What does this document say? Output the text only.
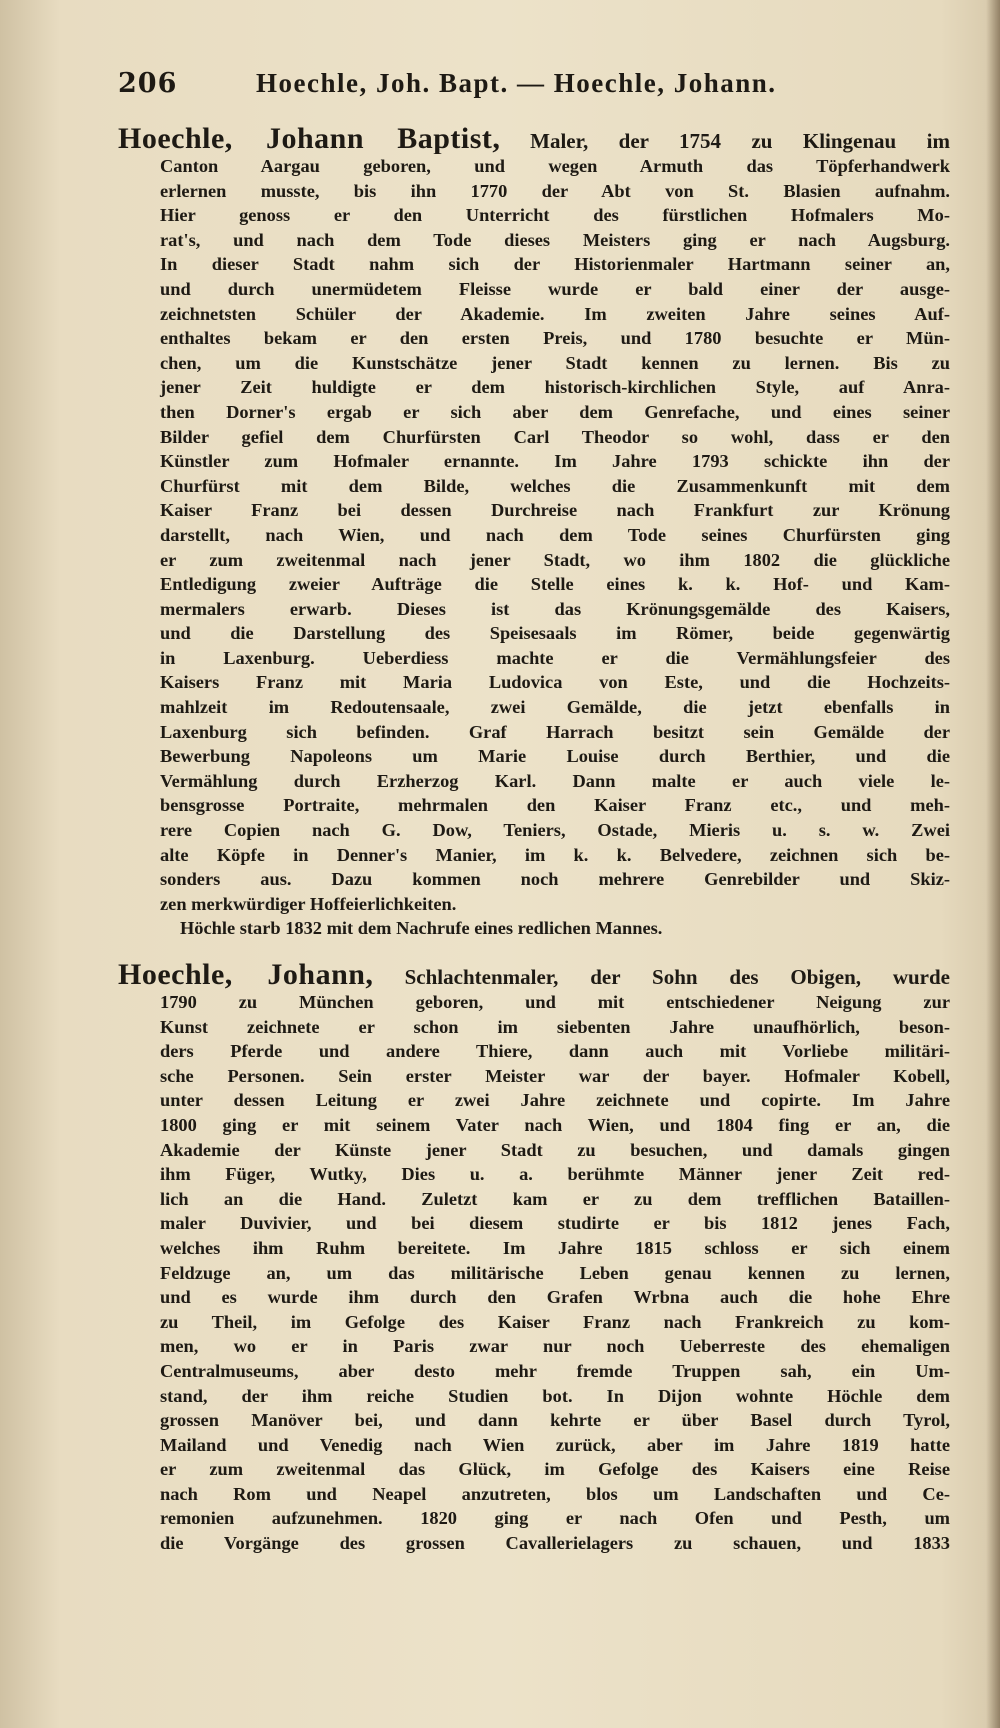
206	Hoechle, Joh. Bapt. — Hoechle, Johann.
Hoechle, Johann Baptist, Maler, der 1754 zu Klingenau im
Canton Aargau geboren, und wegen Armuth das Töpferhandwerk
erlernen musste, bis ihn 1770 der Abt von St. Blasien aufnahm.
Hier genoss er den Unterricht des fürstlichen Hofmalers Mo-
rat's, und nach dem Tode dieses Meisters ging er nach Augsburg.
In dieser Stadt nahm sich der Historienmaler Hartmann seiner an,
und durch unermüdetem Fleisse wurde er bald einer der ausge-
zeichnetsten Schüler der Akademie. Im zweiten Jahre seines Auf-
enthaltes bekam er den ersten Preis, und 1780 besuchte er Mün-
chen, um die Kunstschätze jener Stadt kennen zu lernen. Bis zu
jener Zeit huldigte er dem historisch-kirchlichen Style, auf Anra-
then Dorner's ergab er sich aber dem Genrefache, und eines seiner
Bilder gefiel dem Churfürsten Carl Theodor so wohl, dass er den
Künstler zum Hofmaler ernannte. Im Jahre 1793 schickte ihn der
Churfürst mit dem Bilde, welches die Zusammenkunft mit dem
Kaiser Franz bei dessen Durchreise nach Frankfurt zur Krönung
darstellt, nach Wien, und nach dem Tode seines Churfürsten ging
er zum zweitenmal nach jener Stadt, wo ihm 1802 die glückliche
Entledigung zweier Aufträge die Stelle eines k. k. Hof- und Kam-
mermalers erwarb. Dieses ist das Krönungsgemälde des Kaisers,
und die Darstellung des Speisesaals im Römer, beide gegenwärtig
in Laxenburg. Ueberdiess machte er die Vermählungsfeier des
Kaisers Franz mit Maria Ludovica von Este, und die Hochzeits-
mahlzeit im Redoutensaale, zwei Gemälde, die jetzt ebenfalls in
Laxenburg sich befinden. Graf Harrach besitzt sein Gemälde der
Bewerbung Napoleons um Marie Louise durch Berthier, und die
Vermählung durch Erzherzog Karl. Dann malte er auch viele le-
bensgrosse Portraite, mehrmalen den Kaiser Franz etc., und meh-
rere Copien nach G. Dow, Teniers, Ostade, Mieris u. s. w. Zwei
alte Köpfe in Denner's Manier, im k. k. Belvedere, zeichnen sich be-
sonders aus. Dazu kommen noch mehrere Genrebilder und Skiz-
zen merkwürdiger Hoffeierlichkeiten.
Höchle starb 1832 mit dem Nachrufe eines redlichen Mannes.
Hoechle, Johann, Schlachtenmaler, der Sohn des Obigen, wurde
1790 zu München geboren, und mit entschiedener Neigung zur
Kunst zeichnete er schon im siebenten Jahre unaufhörlich, beson-
ders Pferde und andere Thiere, dann auch mit Vorliebe militäri-
sche Personen. Sein erster Meister war der bayer. Hofmaler Kobell,
unter dessen Leitung er zwei Jahre zeichnete und copirte. Im Jahre
1800 ging er mit seinem Vater nach Wien, und 1804 fing er an, die
Akademie der Künste jener Stadt zu besuchen, und damals gingen
ihm Füger, Wutky, Dies u. a. berühmte Männer jener Zeit red-
lich an die Hand. Zuletzt kam er zu dem trefflichen Bataillen-
maler Duvivier, und bei diesem studirte er bis 1812 jenes Fach,
welches ihm Ruhm bereitete. Im Jahre 1815 schloss er sich einem
Feldzuge an, um das militärische Leben genau kennen zu lernen,
und es wurde ihm durch den Grafen Wrbna auch die hohe Ehre
zu Theil, im Gefolge des Kaiser Franz nach Frankreich zu kom-
men, wo er in Paris zwar nur noch Ueberreste des ehemaligen
Centralmuseums, aber desto mehr fremde Truppen sah, ein Um-
stand, der ihm reiche Studien bot. In Dijon wohnte Höchle dem
grossen Manöver bei, und dann kehrte er über Basel durch Tyrol,
Mailand und Venedig nach Wien zurück, aber im Jahre 1819 hatte
er zum zweitenmal das Glück, im Gefolge des Kaisers eine Reise
nach Rom und Neapel anzutreten, blos um Landschaften und Ce-
remonien aufzunehmen. 1820 ging er nach Ofen und Pesth, um
die Vorgänge des grossen Cavallerielagers zu schauen, und 1833
